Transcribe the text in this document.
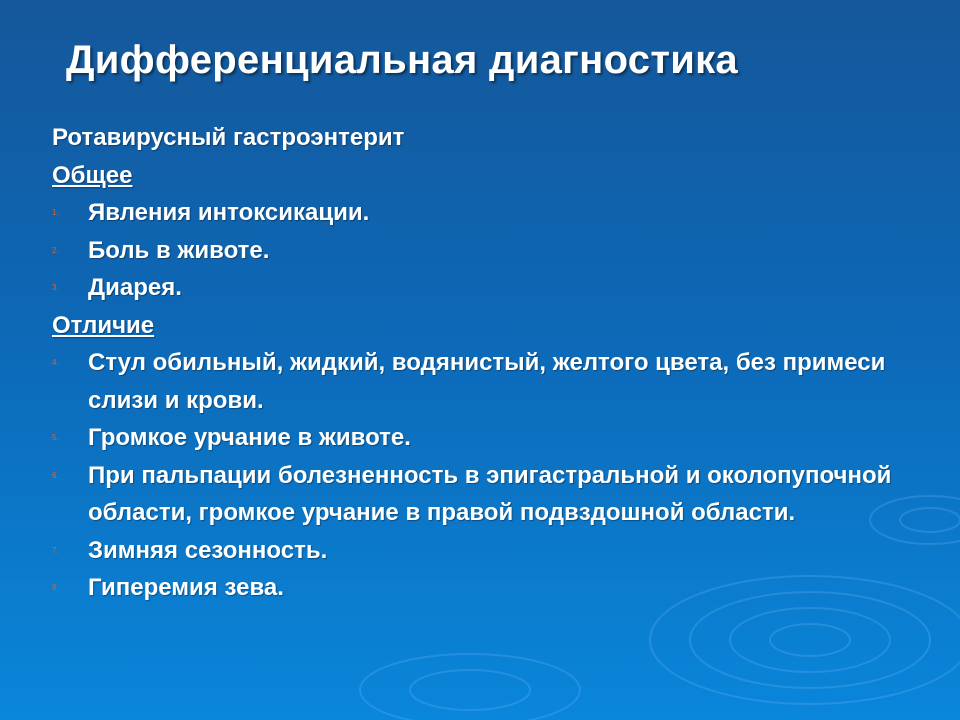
Дифференциальная диагностика
Ротавирусный гастроэнтерит
Общее
1. Явления интоксикации.
2. Боль в животе.
3. Диарея.
Отличие
4. Стул обильный, жидкий, водянистый, желтого цвета, без примеси слизи и крови.
5. Громкое урчание в животе.
6. При пальпации болезненность в эпигастральной и околопупочной области, громкое урчание в правой подвздошной области.
7. Зимняя сезонность.
8. Гиперемия зева.
